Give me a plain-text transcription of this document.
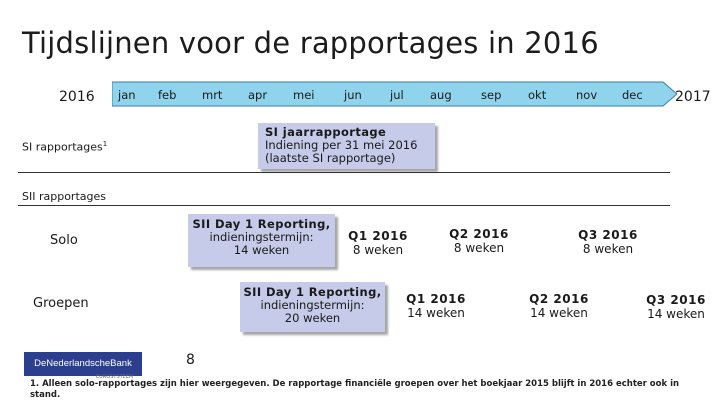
Tijdslijnen voor de rapportages in 2016
2016	2017
jan feb mrt apr mei	jun jul aug	sep okt	nov dec
SI rapportages$^1$
SI jaarrapportage
Indiening per 31 mei 2016
(laatste SI rapportage)
SII rapportages
Solo
Groepen
SII Day 1 Reporting,
indieningstermijn:
14 weken
Q1 2016
8 weken
Q2 2016
8 weken
Q3 2016
8 weken
SII Day 1 Reporting,
indieningstermijn:
20 weken
Q1 2016
14 weken
Q2 2016
14 weken
Q3 2016
14 weken
DeNederlandscheBank
EUROSYSTEEM
8
1. Alleen solo-rapportages zijn hier weergegeven. De rapportage financiële groepen over het boekjaar 2015 blijft in 2016 echter ook in stand.
